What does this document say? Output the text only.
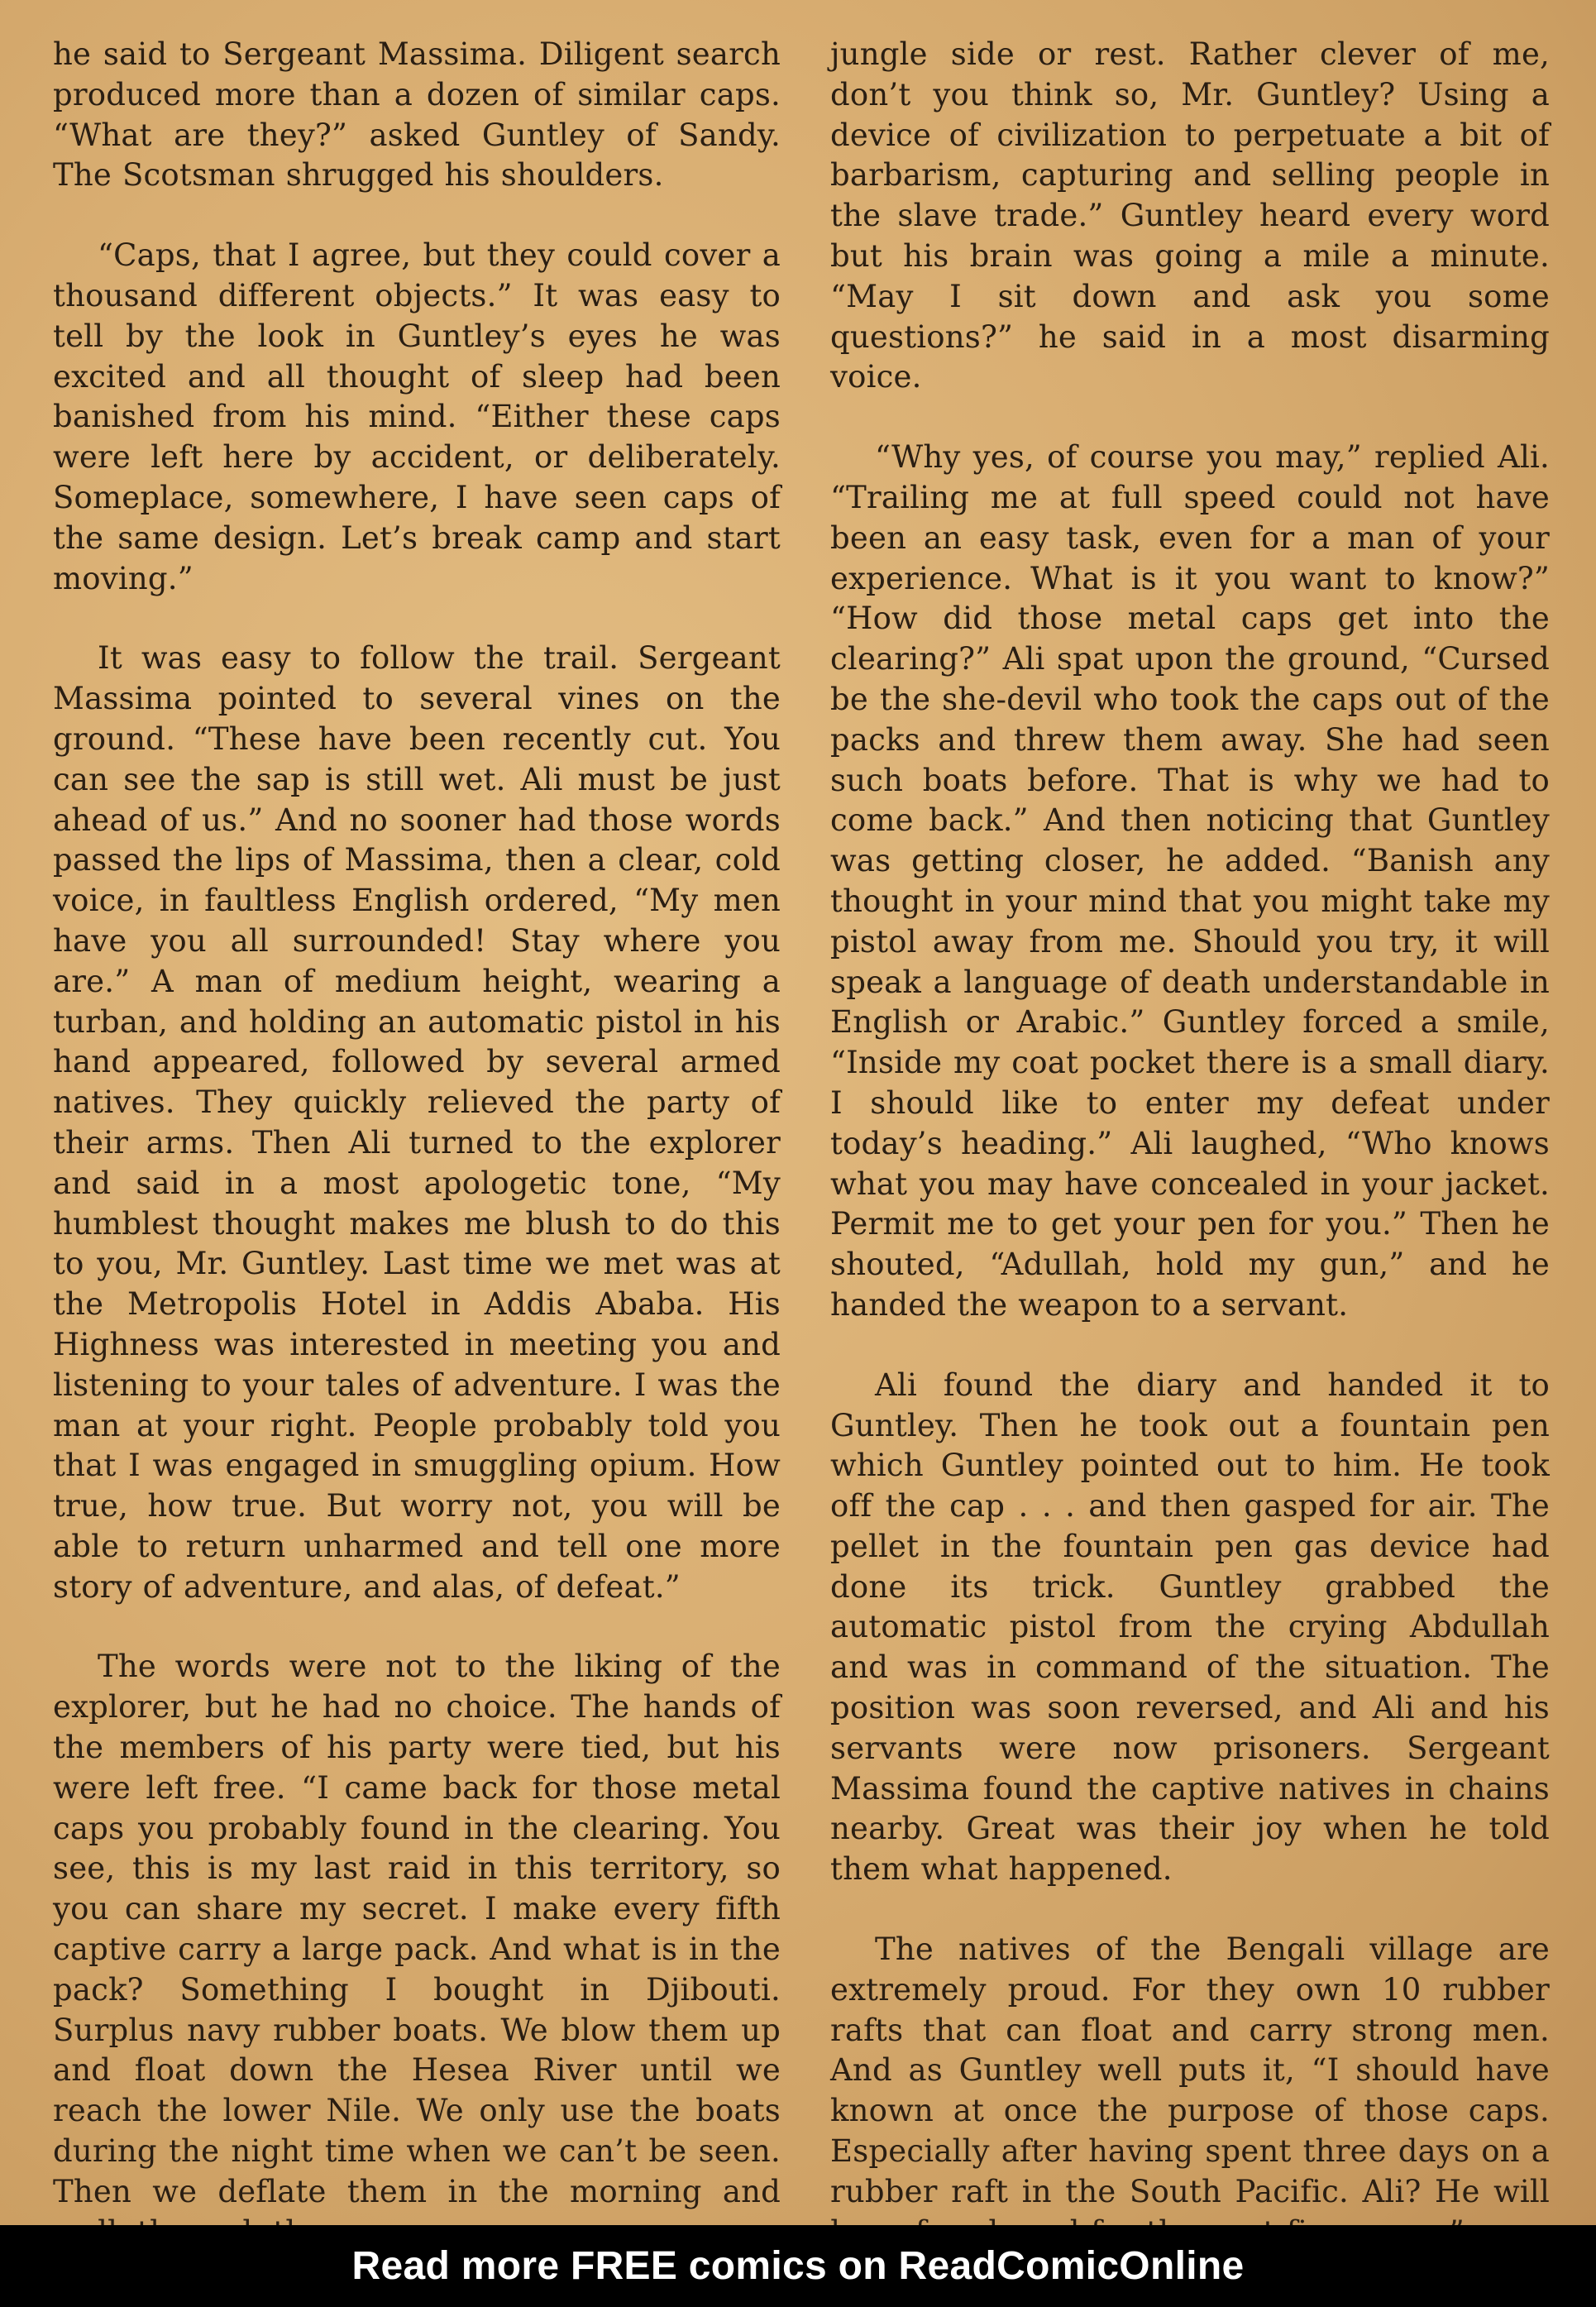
he said to Sergeant Massima. Diligent search produced more than a dozen of similar caps. “What are they?” asked Guntley of Sandy. The Scotsman shrugged his shoulders.

“Caps, that I agree, but they could cover a thousand different objects.” It was easy to tell by the look in Guntley’s eyes he was excited and all thought of sleep had been banished from his mind. “Either these caps were left here by accident, or deliberately. Someplace, somewhere, I have seen caps of the same design. Let’s break camp and start moving.”

It was easy to follow the trail. Sergeant Massima pointed to several vines on the ground. “These have been recently cut. You can see the sap is still wet. Ali must be just ahead of us.” And no sooner had those words passed the lips of Massima, then a clear, cold voice, in faultless English ordered, “My men have you all surrounded! Stay where you are.” A man of medium height, wearing a turban, and holding an automatic pistol in his hand appeared, followed by several armed natives. They quickly relieved the party of their arms. Then Ali turned to the explorer and said in a most apologetic tone, “My humblest thought makes me blush to do this to you, Mr. Guntley. Last time we met was at the Metropolis Hotel in Addis Ababa. His Highness was interested in meeting you and listening to your tales of adventure. I was the man at your right. People probably told you that I was engaged in smuggling opium. How true, how true. But worry not, you will be able to return unharmed and tell one more story of adventure, and alas, of defeat.”

The words were not to the liking of the explorer, but he had no choice. The hands of the members of his party were tied, but his were left free. “I came back for those metal caps you probably found in the clearing. You see, this is my last raid in this territory, so you can share my secret. I make every fifth captive carry a large pack. And what is in the pack? Something I bought in Djibouti. Surplus navy rubber boats. We blow them up and float down the Hesea River until we reach the lower Nile. We only use the boats during the night time when we can’t be seen. Then we deflate them in the morning and

jungle side or rest. Rather clever of me, don’t you think so, Mr. Guntley? Using a device of civilization to perpetuate a bit of barbarism, capturing and selling people in the slave trade.” Guntley heard every word but his brain was going a mile a minute. “May I sit down and ask you some questions?” he said in a most disarming voice.

“Why yes, of course you may,” replied Ali. “Trailing me at full speed could not have been an easy task, even for a man of your experience. What is it you want to know?” “How did those metal caps get into the clearing?” Ali spat upon the ground, “Cursed be the she-devil who took the caps out of the packs and threw them away. She had seen such boats before. That is why we had to come back.” And then noticing that Guntley was getting closer, he added. “Banish any thought in your mind that you might take my pistol away from me. Should you try, it will speak a language of death understandable in English or Arabic.” Guntley forced a smile, “Inside my coat pocket there is a small diary. I should like to enter my defeat under today’s heading.” Ali laughed, “Who knows what you may have concealed in your jacket. Permit me to get your pen for you.” Then he shouted, “Adullah, hold my gun,” and he handed the weapon to a servant.

Ali found the diary and handed it to Guntley. Then he took out a fountain pen which Guntley pointed out to him. He took off the cap . . . and then gasped for air. The pellet in the fountain pen gas device had done its trick. Guntley grabbed the automatic pistol from the crying Abdullah and was in command of the situation. The position was soon reversed, and Ali and his servants were now prisoners. Sergeant Massima found the captive natives in chains nearby. Great was their joy when he told them what happened.

The natives of the Bengali village are extremely proud. For they own 10 rubber rafts that can float and carry strong men. And as Guntley well puts it, “I should have known at once the purpose of those caps. Especially after having spent three days on a rubber raft in the South Pacific. Ali? He will

Read more FREE comics on ReadComicOnline
